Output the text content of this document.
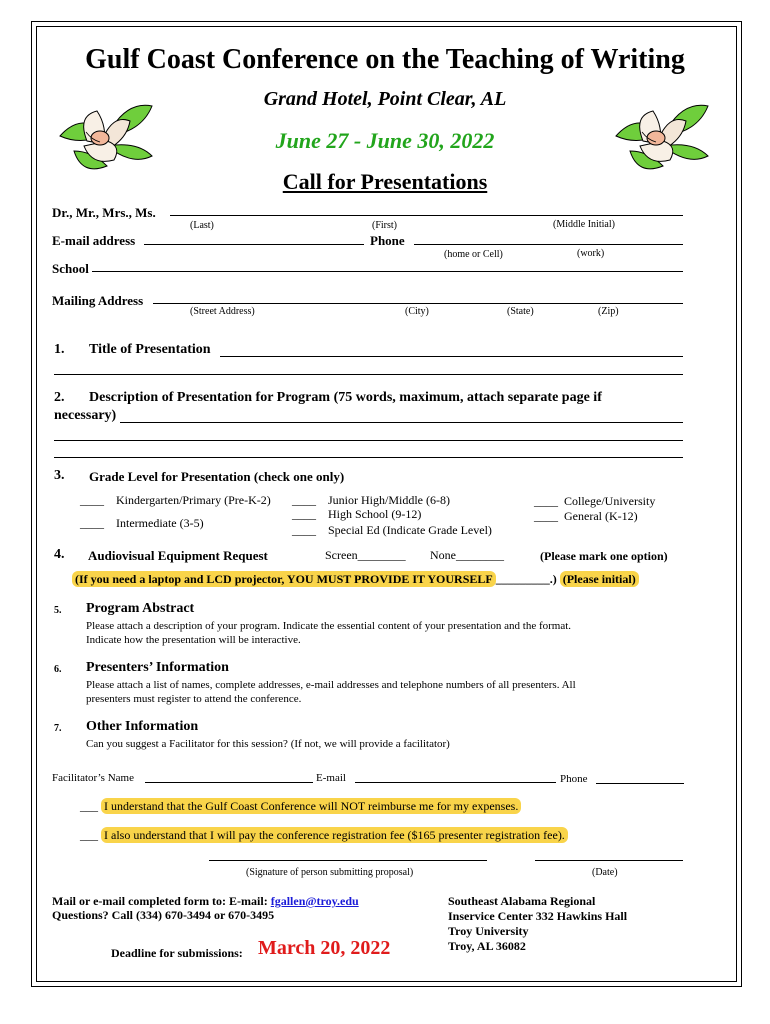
Gulf Coast Conference on the Teaching of Writing
Grand Hotel, Point Clear, AL
June 27 - June 30, 2022
Call for Presentations
Dr., Mr., Mrs., Ms.
(Last)	(First)	(Middle Initial)
E-mail address	Phone
(home or Cell)	(work)
School
Mailing Address
(Street Address)	(City)	(State)	(Zip)
1. Title of Presentation
2. Description of Presentation for Program (75 words, maximum, attach separate page if
necessary)
3. Grade Level for Presentation (check one only)
____ Kindergarten/Primary (Pre-K-2)
____ Intermediate (3-5)
____ Junior High/Middle (6-8)
____ High School (9-12)
____ Special Ed (Indicate Grade Level)
____ College/University
____ General (K-12)
4. Audiovisual Equipment Request	Screen________ None________	(Please mark one option)
(If you need a laptop and LCD projector, YOU MUST PROVIDE IT YOURSELF _________.) (Please initial)
5. Program Abstract
Please attach a description of your program. Indicate the essential content of your presentation and the format.
Indicate how the presentation will be interactive.
6. Presenters’ Information
Please attach a list of names, complete addresses, e-mail addresses and telephone numbers of all presenters. All
presenters must register to attend the conference.
7. Other Information
Can you suggest a Facilitator for this session? (If not, we will provide a facilitator)
Facilitator’s Name	E-mail	Phone
___ I understand that the Gulf Coast Conference will NOT reimburse me for my expenses.
___ I also understand that I will pay the conference registration fee ($165 presenter registration fee).
(Signature of person submitting proposal)	(Date)
Mail or e-mail completed form to: E-mail: fgallen@troy.edu
Questions? Call (334) 670-3494 or 670-3495
Deadline for submissions: March 20, 2022
Southeast Alabama Regional
Inservice Center 332 Hawkins Hall
Troy University
Troy, AL 36082
